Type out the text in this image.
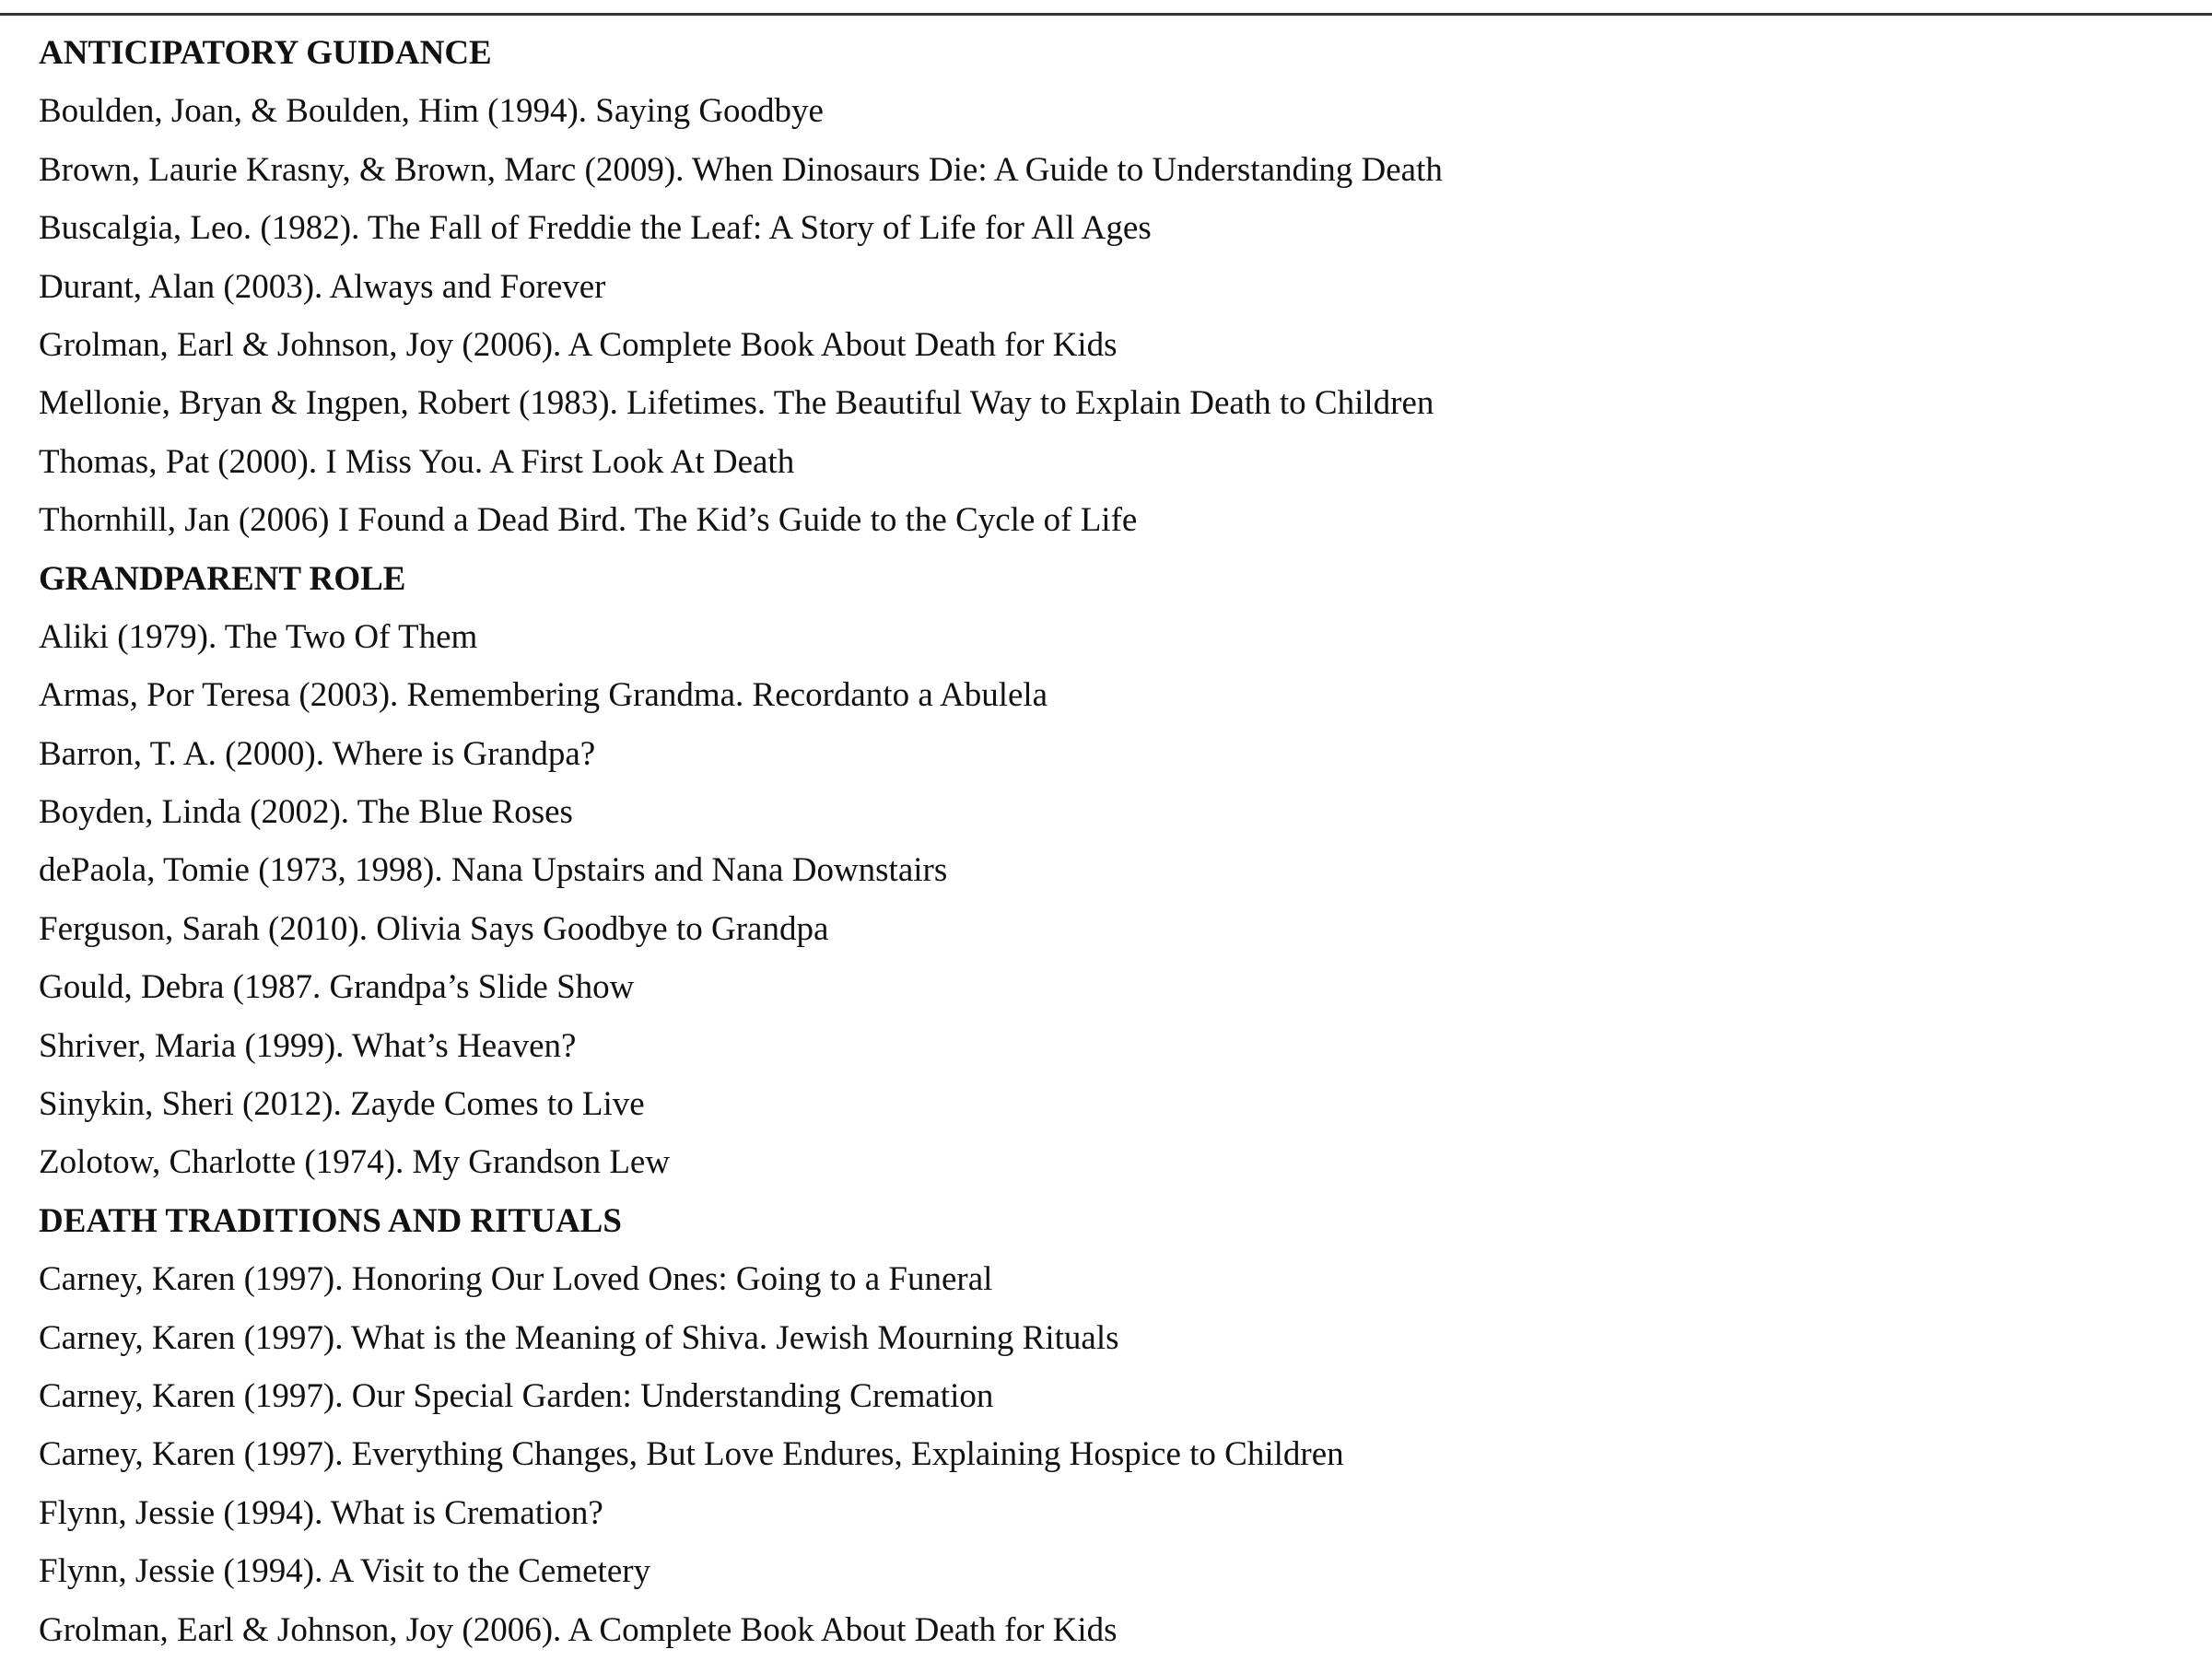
ANTICIPATORY GUIDANCE
Boulden, Joan, & Boulden, Him (1994). Saying Goodbye
Brown, Laurie Krasny, & Brown, Marc (2009). When Dinosaurs Die: A Guide to Understanding Death
Buscalgia, Leo. (1982). The Fall of Freddie the Leaf: A Story of Life for All Ages
Durant, Alan (2003). Always and Forever
Grolman, Earl & Johnson, Joy (2006). A Complete Book About Death for Kids
Mellonie, Bryan & Ingpen, Robert (1983). Lifetimes. The Beautiful Way to Explain Death to Children
Thomas, Pat (2000). I Miss You. A First Look At Death
Thornhill, Jan (2006) I Found a Dead Bird. The Kid’s Guide to the Cycle of Life
GRANDPARENT ROLE
Aliki (1979). The Two Of Them
Armas, Por Teresa (2003). Remembering Grandma. Recordanto a Abulela
Barron, T. A. (2000). Where is Grandpa?
Boyden, Linda (2002). The Blue Roses
dePaola, Tomie (1973, 1998). Nana Upstairs and Nana Downstairs
Ferguson, Sarah (2010). Olivia Says Goodbye to Grandpa
Gould, Debra (1987. Grandpa’s Slide Show
Shriver, Maria (1999). What’s Heaven?
Sinykin, Sheri (2012). Zayde Comes to Live
Zolotow, Charlotte (1974). My Grandson Lew
DEATH TRADITIONS AND RITUALS
Carney, Karen (1997). Honoring Our Loved Ones: Going to a Funeral
Carney, Karen (1997). What is the Meaning of Shiva. Jewish Mourning Rituals
Carney, Karen (1997). Our Special Garden: Understanding Cremation
Carney, Karen (1997). Everything Changes, But Love Endures, Explaining Hospice to Children
Flynn, Jessie (1994). What is Cremation?
Flynn, Jessie (1994). A Visit to the Cemetery
Grolman, Earl & Johnson, Joy (2006). A Complete Book About Death for Kids
